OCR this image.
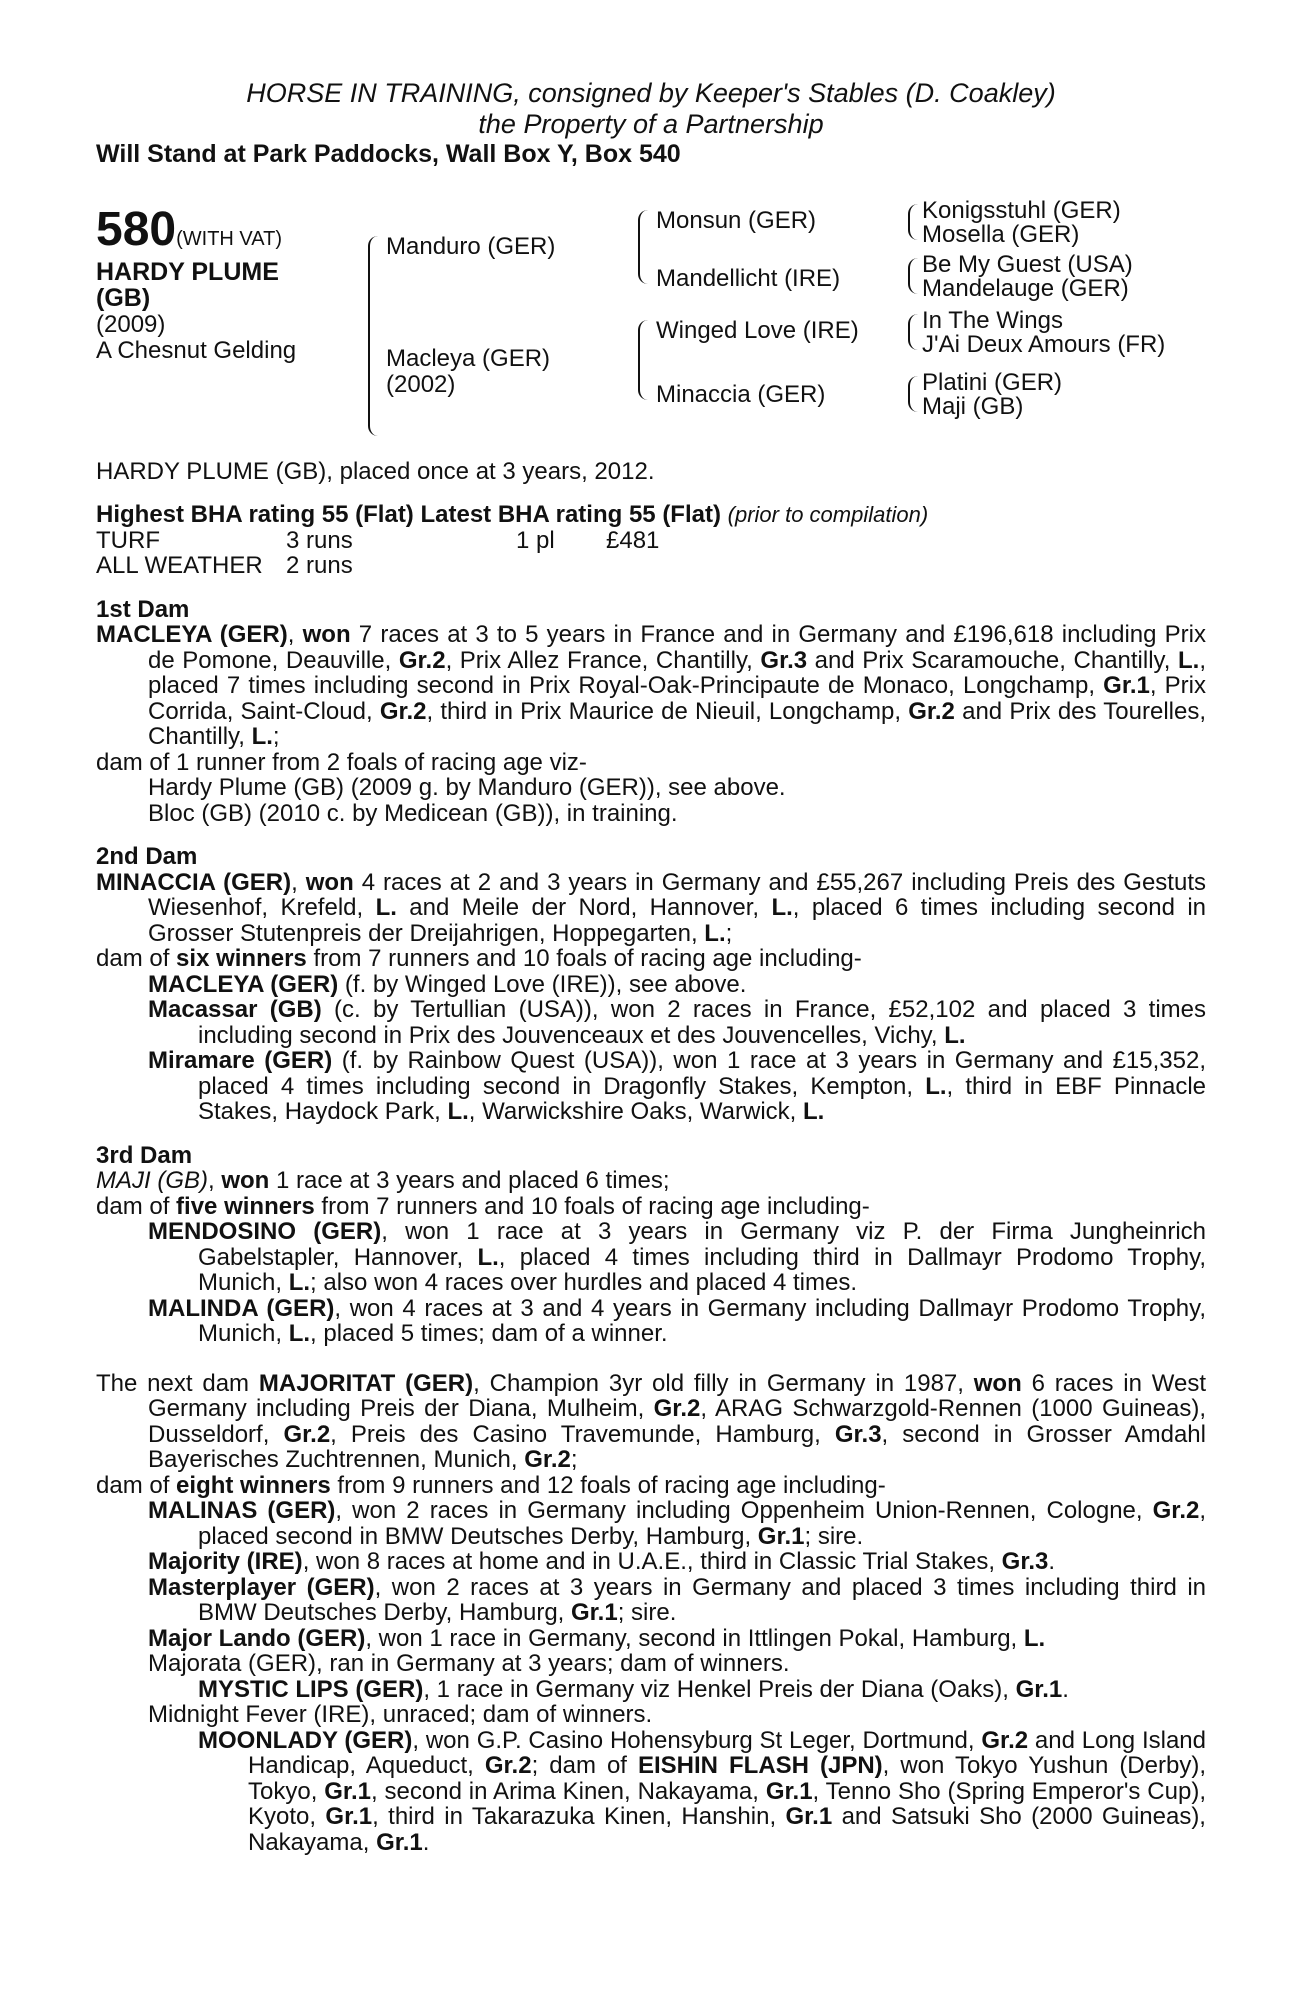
HORSE IN TRAINING, consigned by Keeper's Stables (D. Coakley)
the Property of a Partnership
Will Stand at Park Paddocks, Wall Box Y, Box 540
580(WITH VAT)
HARDY PLUME
(GB)
(2009)
A Chesnut Gelding
Manduro (GER)
Macleya (GER)
(2002)
Monsun (GER)
Mandellicht (IRE)
Winged Love (IRE)
Minaccia (GER)
Konigsstuhl (GER)
Mosella (GER)
Be My Guest (USA)
Mandelauge (GER)
In The Wings
J'Ai Deux Amours (FR)
Platini (GER)
Maji (GB)

HARDY PLUME (GB), placed once at 3 years, 2012.

Highest BHA rating 55 (Flat) Latest BHA rating 55 (Flat) (prior to compilation)

TURF	3 runs	1 pl	£481
ALL WEATHER 2 runs
1st Dam

MACLEYA (GER), won 7 races at 3 to 5 years in France and in Germany and £196,618 including Prix de Pomone, Deauville, Gr.2, Prix Allez France, Chantilly, Gr.3 and Prix Scaramouche, Chantilly, L., placed 7 times including second in Prix Royal-Oak-Principaute de Monaco, Longchamp, Gr.1, Prix Corrida, Saint-Cloud, Gr.2, third in Prix Maurice de Nieuil, Longchamp, Gr.2 and Prix des Tourelles, Chantilly, L.;

dam of 1 runner from 2 foals of racing age viz-

Hardy Plume (GB) (2009 g. by Manduro (GER)), see above.

Bloc (GB) (2010 c. by Medicean (GB)), in training.

2nd Dam

MINACCIA (GER), won 4 races at 2 and 3 years in Germany and £55,267 including Preis des Gestuts Wiesenhof, Krefeld, L. and Meile der Nord, Hannover, L., placed 6 times including second in Grosser Stutenpreis der Dreijahrigen, Hoppegarten, L.;

dam of six winners from 7 runners and 10 foals of racing age including-

MACLEYA (GER) (f. by Winged Love (IRE)), see above.

Macassar (GB) (c. by Tertullian (USA)), won 2 races in France, £52,102 and placed 3 times including second in Prix des Jouvenceaux et des Jouvencelles, Vichy, L.

Miramare (GER) (f. by Rainbow Quest (USA)), won 1 race at 3 years in Germany and £15,352, placed 4 times including second in Dragonfly Stakes, Kempton, L., third in EBF Pinnacle Stakes, Haydock Park, L., Warwickshire Oaks, Warwick, L.

3rd Dam

MAJI (GB), won 1 race at 3 years and placed 6 times;

dam of five winners from 7 runners and 10 foals of racing age including-

MENDOSINO (GER), won 1 race at 3 years in Germany viz P. der Firma Jungheinrich Gabelstapler, Hannover, L., placed 4 times including third in Dallmayr Prodomo Trophy, Munich, L.; also won 4 races over hurdles and placed 4 times.

MALINDA (GER), won 4 races at 3 and 4 years in Germany including Dallmayr Prodomo Trophy, Munich, L., placed 5 times; dam of a winner.

The next dam MAJORITAT (GER), Champion 3yr old filly in Germany in 1987, won 6 races in West Germany including Preis der Diana, Mulheim, Gr.2, ARAG Schwarzgold-Rennen (1000 Guineas), Dusseldorf, Gr.2, Preis des Casino Travemunde, Hamburg, Gr.3, second in Grosser Amdahl Bayerisches Zuchtrennen, Munich, Gr.2;

dam of eight winners from 9 runners and 12 foals of racing age including-

MALINAS (GER), won 2 races in Germany including Oppenheim Union-Rennen, Cologne, Gr.2, placed second in BMW Deutsches Derby, Hamburg, Gr.1; sire.

Majority (IRE), won 8 races at home and in U.A.E., third in Classic Trial Stakes, Gr.3.

Masterplayer (GER), won 2 races at 3 years in Germany and placed 3 times including third in BMW Deutsches Derby, Hamburg, Gr.1; sire.

Major Lando (GER), won 1 race in Germany, second in Ittlingen Pokal, Hamburg, L.

Majorata (GER), ran in Germany at 3 years; dam of winners.

MYSTIC LIPS (GER), 1 race in Germany viz Henkel Preis der Diana (Oaks), Gr.1.

Midnight Fever (IRE), unraced; dam of winners.

MOONLADY (GER), won G.P. Casino Hohensyburg St Leger, Dortmund, Gr.2 and Long Island Handicap, Aqueduct, Gr.2; dam of EISHIN FLASH (JPN), won Tokyo Yushun (Derby), Tokyo, Gr.1, second in Arima Kinen, Nakayama, Gr.1, Tenno Sho (Spring Emperor's Cup), Kyoto, Gr.1, third in Takarazuka Kinen, Hanshin, Gr.1 and Satsuki Sho (2000 Guineas), Nakayama, Gr.1.
